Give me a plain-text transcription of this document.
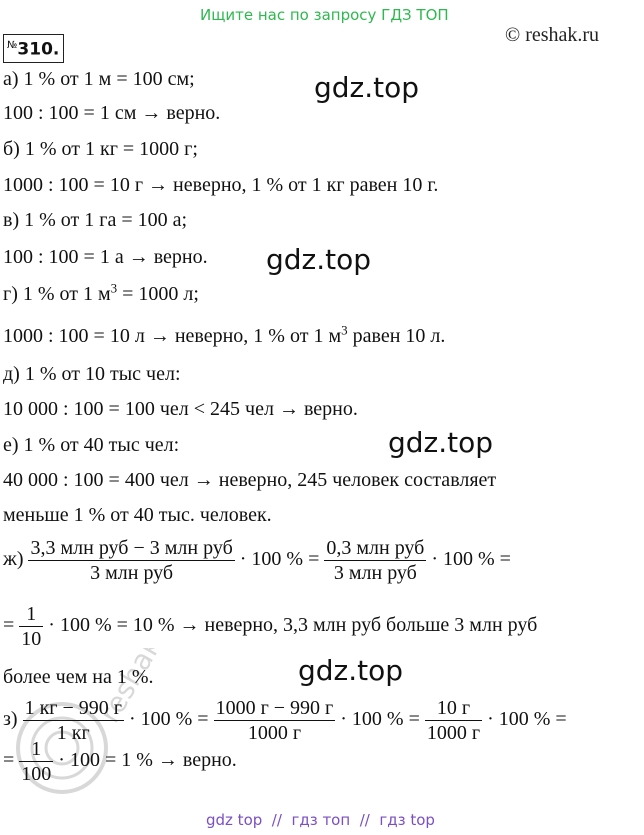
Ищите нас по запросу ГДЗ ТОП
© reshak.ru
№310.
gdz.top
gdz.top
gdz.top
gdz.top
reshak.ru
а) 1 % от 1 м = 100 см;
100 : 100 = 1 см → верно.
б) 1 % от 1 кг = 1000 г;
1000 : 100 = 10 г → неверно, 1 % от 1 кг равен 10 г.
в) 1 % от 1 га = 100 а;
100 : 100 = 1 а → верно.
г) 1 % от 1 $м^3 = 1000$ л;
1000 : 100 = 10 л → неверно, 1 % от 1 $м^3$ равен 10 л.
д) 1 % от 10 тыс чел:
10 000 : 100 = 100 чел < 245 чел → верно.
е) 1 % от 40 тыс чел:
40 000 : 100 = 400 чел → неверно, 245 человек составляет
меньше 1 % от 40 тыс. человек.
$ж) \frac{\text{3,3 млн руб − 3 млн руб}}{\text{3 млн руб}} \cdot 100$ % = $\frac{\text{0,3 млн руб}}{\text{3 млн руб}} \cdot 100$ % =
= $\frac{1}{10} \cdot 100$ % = 10 % → неверно, 3,3 млн руб больше 3 млн руб
более чем на 1 %.
$з) \frac{1 кг - 990 г}{1 кг} \cdot 100$ % = $\frac{1000 г - 990 г}{1000 г} \cdot 100$ % = $\frac{10 г}{1000 г} \cdot 100$ % =
= $\frac{1}{100} \cdot 100 = 1$ % → верно.
gdz top  //  гдз топ  //  гдз top
